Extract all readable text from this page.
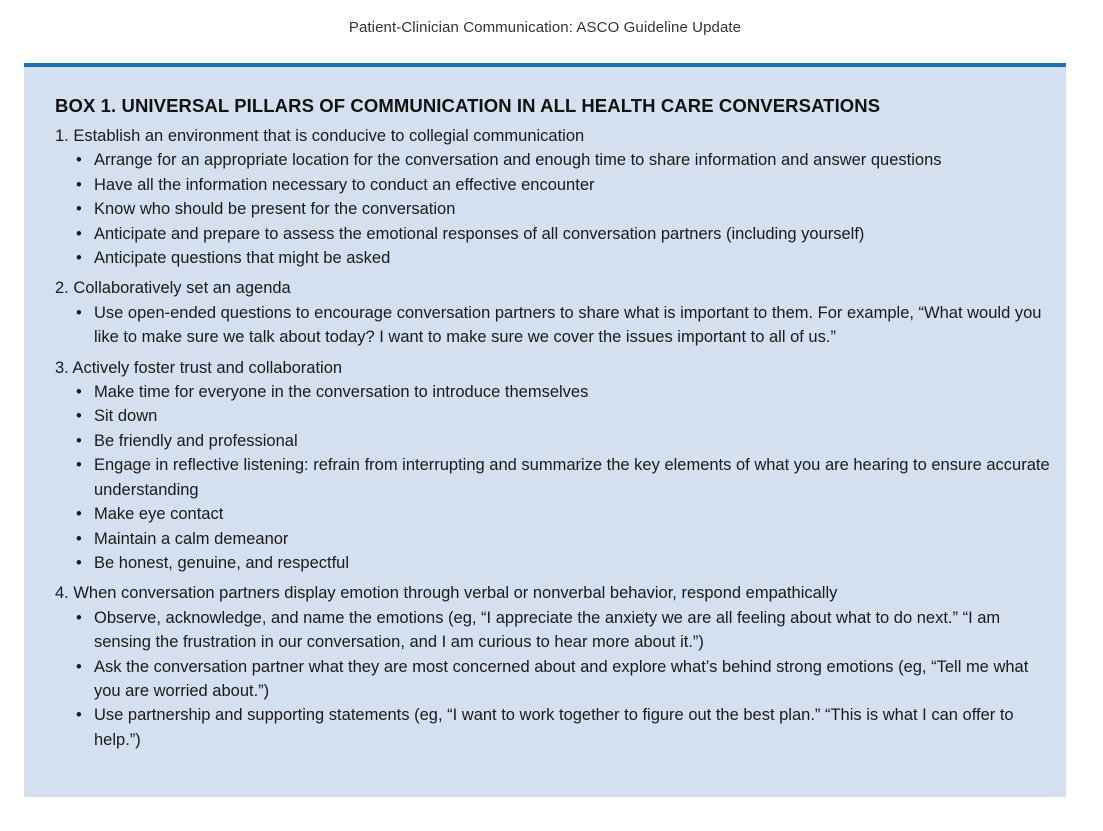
Patient-Clinician Communication: ASCO Guideline Update
BOX 1. UNIVERSAL PILLARS OF COMMUNICATION IN ALL HEALTH CARE CONVERSATIONS
1. Establish an environment that is conducive to collegial communication
• Arrange for an appropriate location for the conversation and enough time to share information and answer questions
• Have all the information necessary to conduct an effective encounter
• Know who should be present for the conversation
• Anticipate and prepare to assess the emotional responses of all conversation partners (including yourself)
• Anticipate questions that might be asked
2. Collaboratively set an agenda
• Use open-ended questions to encourage conversation partners to share what is important to them. For example, “What would you like to make sure we talk about today? I want to make sure we cover the issues important to all of us.”
3. Actively foster trust and collaboration
• Make time for everyone in the conversation to introduce themselves
• Sit down
• Be friendly and professional
• Engage in reflective listening: refrain from interrupting and summarize the key elements of what you are hearing to ensure accurate understanding
• Make eye contact
• Maintain a calm demeanor
• Be honest, genuine, and respectful
4. When conversation partners display emotion through verbal or nonverbal behavior, respond empathically
• Observe, acknowledge, and name the emotions (eg, “I appreciate the anxiety we are all feeling about what to do next.” “I am sensing the frustration in our conversation, and I am curious to hear more about it.”)
• Ask the conversation partner what they are most concerned about and explore what’s behind strong emotions (eg, “Tell me what you are worried about.”)
• Use partnership and supporting statements (eg, “I want to work together to figure out the best plan.” “This is what I can offer to help.”)
